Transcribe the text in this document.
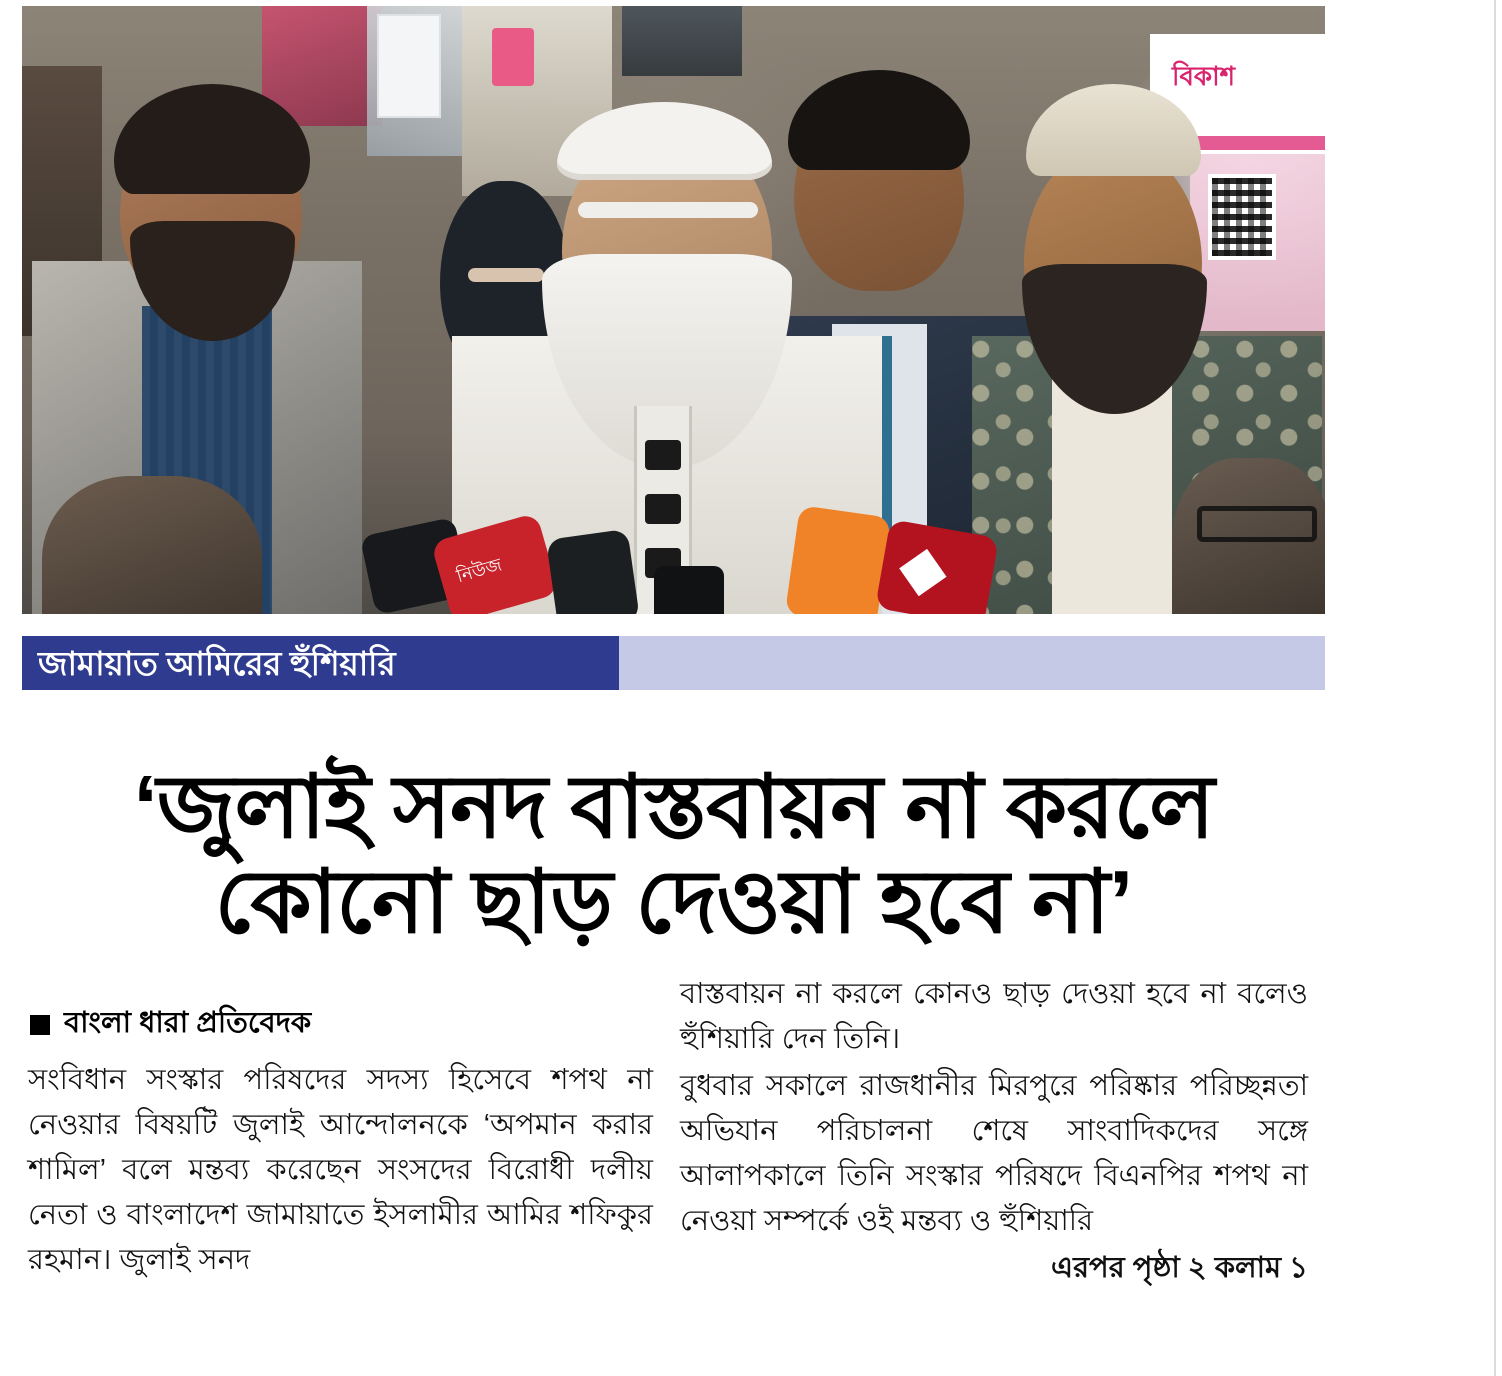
বিকাশ
নিউজ
জামায়াত আমিরের হুঁশিয়ারি
‘জুলাই সনদ বাস্তবায়ন না করলে
কোনো ছাড় দেওয়া হবে না’
বাংলা ধারা প্রতিবেদক

সংবিধান সংস্কার পরিষদের সদস্য হিসেবে শপথ না নেওয়ার বিষয়টি জুলাই আন্দোলনকে ‘অপমান করার শামিল’ বলে মন্তব্য করেছেন সংসদের বিরোধী দলীয় নেতা ও বাংলাদেশ জামায়াতে ইসলামীর আমির শফিকুর রহমান। জুলাই সনদ

বাস্তবায়ন না করলে কোনও ছাড় দেওয়া হবে না বলেও হুঁশিয়ারি দেন তিনি।

বুধবার সকালে রাজধানীর মিরপুরে পরিষ্কার পরিচ্ছন্নতা অভিযান পরিচালনা শেষে সাংবাদিকদের সঙ্গে আলাপকালে তিনি সংস্কার পরিষদে বিএনপির শপথ না নেওয়া সম্পর্কে ওই মন্তব্য ও হুঁশিয়ারি

এরপর পৃষ্ঠা ২ কলাম ১
